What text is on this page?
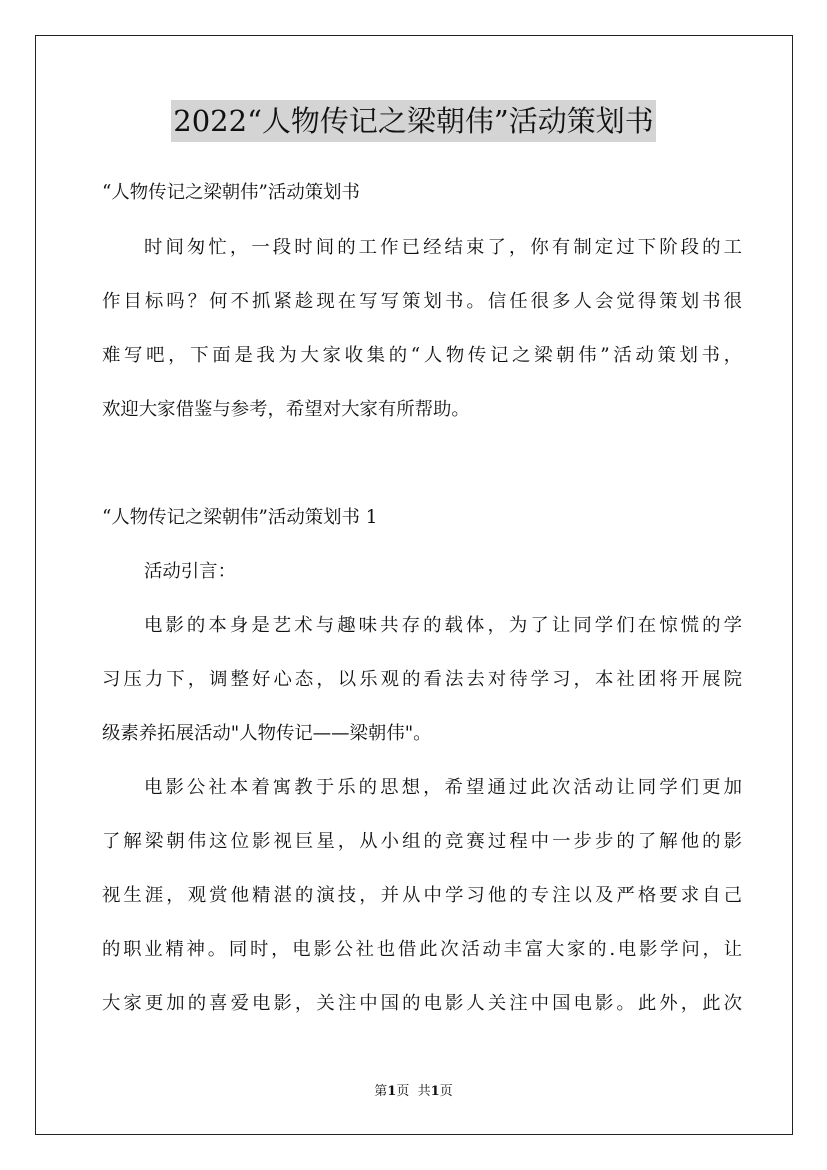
2022“人物传记之梁朝伟”活动策划书
“人物传记之梁朝伟”活动策划书
时间匆忙，一段时间的工作已经结束了，你有制定过下阶段的工
作目标吗？何不抓紧趁现在写写策划书。信任很多人会觉得策划书很
难写吧，下面是我为大家收集的“人物传记之梁朝伟”活动策划书，
欢迎大家借鉴与参考，希望对大家有所帮助。
“人物传记之梁朝伟”活动策划书 1
活动引言：
电影的本身是艺术与趣味共存的载体，为了让同学们在惊慌的学
习压力下，调整好心态，以乐观的看法去对待学习，本社团将开展院
级素养拓展活动"人物传记——梁朝伟"。
电影公社本着寓教于乐的思想，希望通过此次活动让同学们更加
了解梁朝伟这位影视巨星，从小组的竞赛过程中一步步的了解他的影
视生涯，观赏他精湛的演技，并从中学习他的专注以及严格要求自己
的职业精神。同时，电影公社也借此次活动丰富大家的.电影学问，让
大家更加的喜爱电影，关注中国的电影人关注中国电影。此外，此次
第1页 共1页
